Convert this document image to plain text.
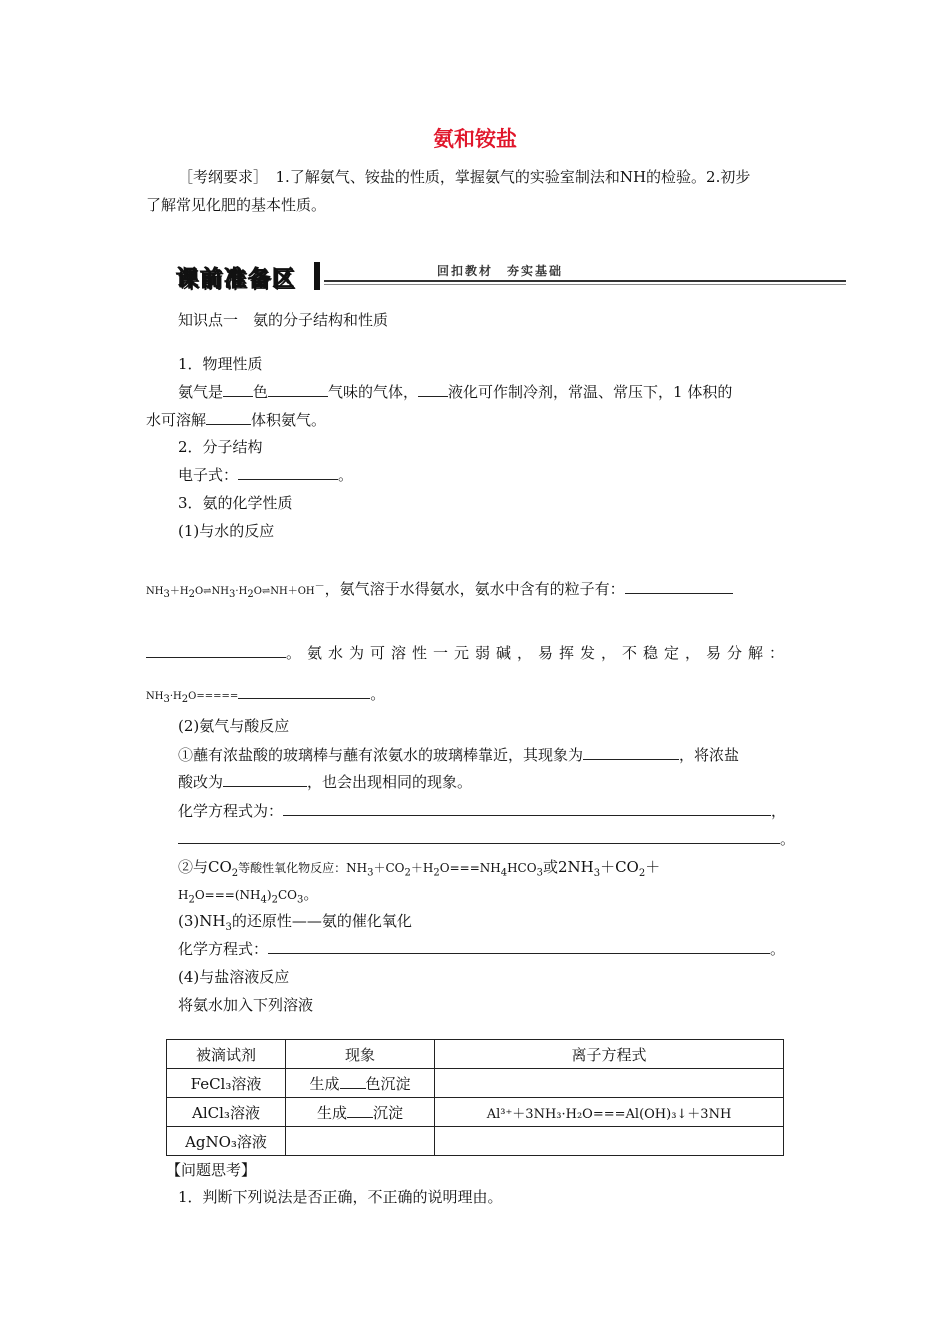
氨和铵盐
［考纲要求］　1.了解氨气、铵盐的性质，掌握氨气的实验室制法和NH的检验。2.初步
了解常见化肥的基本性质。
课前准备区	回扣教材　夯实基础
知识点一　氨的分子结构和性质
1．物理性质
氨气是 色	气味的气体， 液化可作制冷剂，常温、常压下，1 体积的
水可溶解	体积氨气。
2．分子结构
电子式：	。
3．氨的化学性质
(1)与水的反应
$NH_3+H_2O\rightleftharpoons NH_3\cdot H_2O\rightleftharpoons NH+OH^-$，氨气溶于水得氨水，氨水中含有的粒子有：
。氨水为可溶性一元弱碱，易挥发，不稳定，易分解：
$NH_3\cdot H_2O=====$	。
(2)氨气与酸反应
①蘸有浓盐酸的玻璃棒与蘸有浓氨水的玻璃棒靠近，其现象为	，将浓盐
酸改为	，也会出现相同的现象。
化学方程式为：	，
。
②与$CO_2$等酸性氧化物反应：$NH_3+CO_2+H_2O===NH_4HCO_3$或$2NH_3+CO_2+$
$H_2O===(NH_4)_2CO_3$。
$(3)NH_3$的还原性——氨的催化氧化
化学方程式：	。
(4)与盐溶液反应
将氨水加入下列溶液
被滴试剂	现象	离子方程式
FeCl₃溶液	生成 色沉淀	
AlCl₃溶液	生成 沉淀	Al³⁺＋3NH₃·H₂O===Al(OH)₃↓＋3NH
AgNO₃溶液		
【问题思考】
1．判断下列说法是否正确，不正确的说明理由。
